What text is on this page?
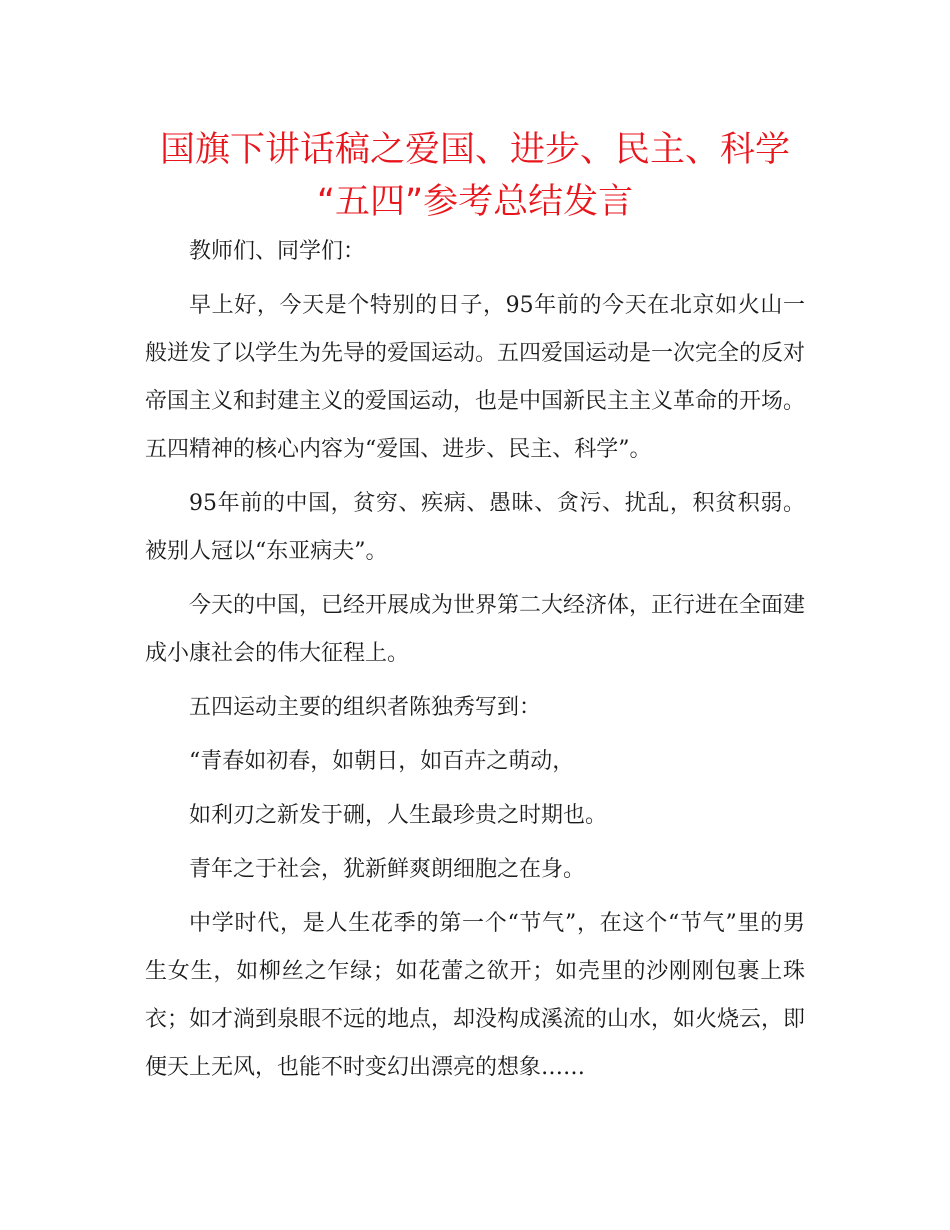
国旗下讲话稿之爱国、进步、民主、科学 “五四”参考总结发言

教师们、同学们：

早上好，今天是个特别的日子，95年前的今天在北京如火山一般迸发了以学生为先导的爱国运动。五四爱国运动是一次完全的反对帝国主义和封建主义的爱国运动，也是中国新民主主义革命的开场。五四精神的核心内容为“爱国、进步、民主、科学”。

95年前的中国，贫穷、疾病、愚昧、贪污、扰乱，积贫积弱。被别人冠以“东亚病夫”。

今天的中国，已经开展成为世界第二大经济体，正行进在全面建成小康社会的伟大征程上。

五四运动主要的组织者陈独秀写到：

“青春如初春，如朝日，如百卉之萌动，

如利刃之新发于硎，人生最珍贵之时期也。

青年之于社会，犹新鲜爽朗细胞之在身。

中学时代，是人生花季的第一个“节气”，在这个“节气”里的男生女生，如柳丝之乍绿；如花蕾之欲开；如壳里的沙刚刚包裹上珠衣；如才淌到泉眼不远的地点，却没构成溪流的山水，如火烧云，即便天上无风，也能不时变幻出漂亮的想象……
